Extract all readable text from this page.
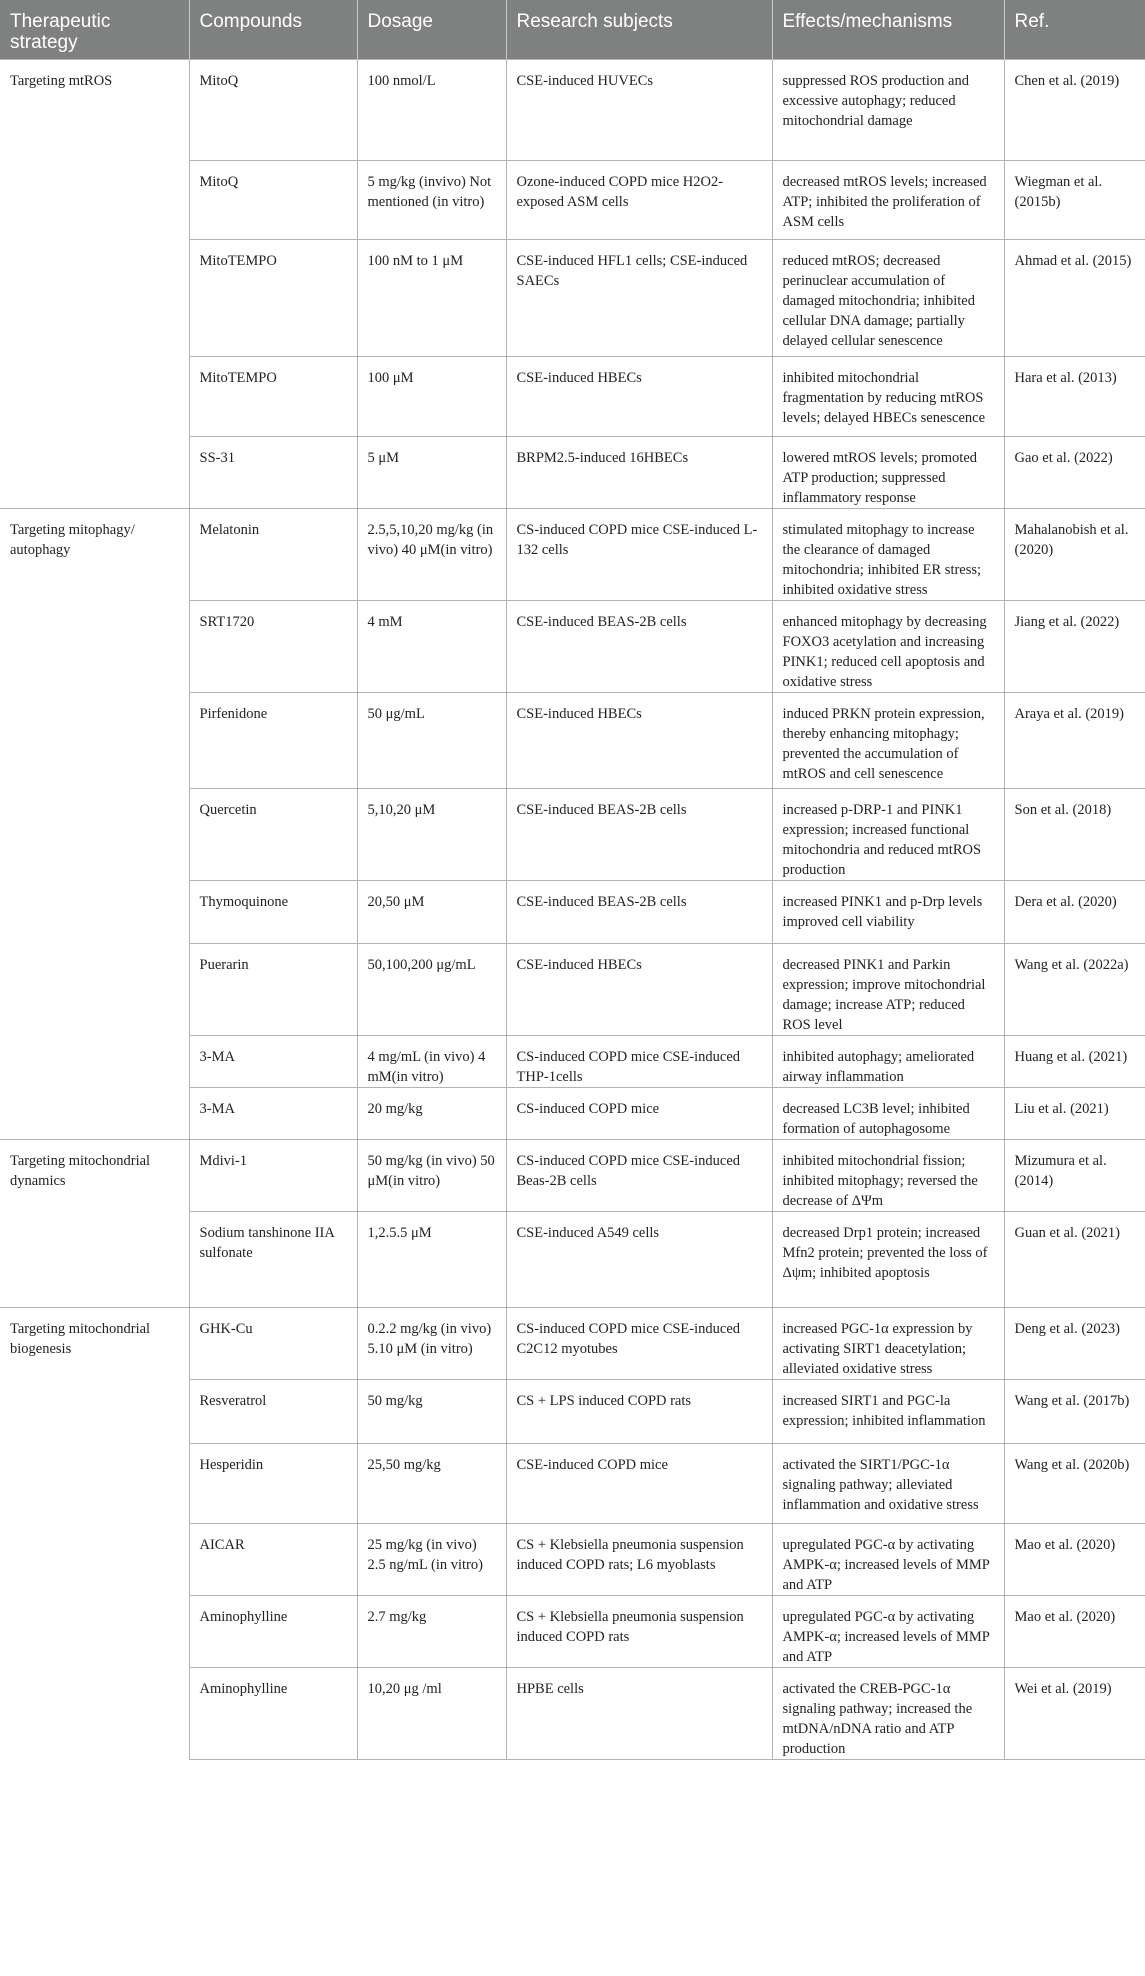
Therapeutic strategy	Compounds	Dosage	Research subjects	Effects/mechanisms	Ref.
Targeting mtROS	MitoQ	100 nmol/L	CSE-induced HUVECs	suppressed ROS production and excessive autophagy; reduced mitochondrial damage	Chen et al. (2019)
	MitoQ	5 mg/kg (invivo) Not mentioned (in vitro)	Ozone-induced COPD mice H2O2-exposed ASM cells	decreased mtROS levels; increased ATP; inhibited the proliferation of ASM cells	Wiegman et al. (2015b)
	MitoTEMPO	100 nM to 1 μM	CSE-induced HFL1 cells; CSE-induced SAECs	reduced mtROS; decreased perinuclear accumulation of damaged mitochondria; inhibited cellular DNA damage; partially delayed cellular senescence	Ahmad et al. (2015)
	MitoTEMPO	100 μM	CSE-induced HBECs	inhibited mitochondrial fragmentation by reducing mtROS levels; delayed HBECs senescence	Hara et al. (2013)
	SS-31	5 μM	BRPM2.5-induced 16HBECs	lowered mtROS levels; promoted ATP production; suppressed inflammatory response	Gao et al. (2022)
Targeting mitophagy/ autophagy	Melatonin	2.5,5,10,20 mg/kg (in vivo) 40 μM(in vitro)	CS-induced COPD mice CSE-induced L-132 cells	stimulated mitophagy to increase the clearance of damaged mitochondria; inhibited ER stress; inhibited oxidative stress	Mahalanobish et al. (2020)
	SRT1720	4 mM	CSE-induced BEAS-2B cells	enhanced mitophagy by decreasing FOXO3 acetylation and increasing PINK1; reduced cell apoptosis and oxidative stress	Jiang et al. (2022)
	Pirfenidone	50 μg/mL	CSE-induced HBECs	induced PRKN protein expression, thereby enhancing mitophagy; prevented the accumulation of mtROS and cell senescence	Araya et al. (2019)
	Quercetin	5,10,20 μM	CSE-induced BEAS-2B cells	increased p-DRP-1 and PINK1 expression; increased functional mitochondria and reduced mtROS production	Son et al. (2018)
	Thymoquinone	20,50 μM	CSE-induced BEAS-2B cells	increased PINK1 and p-Drp levels improved cell viability	Dera et al. (2020)
	Puerarin	50,100,200 μg/mL	CSE-induced HBECs	decreased PINK1 and Parkin expression; improve mitochondrial damage; increase ATP; reduced ROS level	Wang et al. (2022a)
	3-MA	4 mg/mL (in vivo) 4 mM(in vitro)	CS-induced COPD mice CSE-induced THP-1cells	inhibited autophagy; ameliorated airway inflammation	Huang et al. (2021)
	3-MA	20 mg/kg	CS-induced COPD mice	decreased LC3B level; inhibited formation of autophagosome	Liu et al. (2021)
Targeting mitochondrial dynamics	Mdivi-1	50 mg/kg (in vivo) 50 μM(in vitro)	CS-induced COPD mice CSE-induced Beas-2B cells	inhibited mitochondrial fission; inhibited mitophagy; reversed the decrease of ΔΨm	Mizumura et al. (2014)
	Sodium tanshinone IIA sulfonate	1,2.5.5 μM	CSE-induced A549 cells	decreased Drp1 protein; increased Mfn2 protein; prevented the loss of Δψm; inhibited apoptosis	Guan et al. (2021)
Targeting mitochondrial biogenesis	GHK-Cu	0.2.2 mg/kg (in vivo) 5.10 μM (in vitro)	CS-induced COPD mice CSE-induced C2C12 myotubes	increased PGC-1α expression by activating SIRT1 deacetylation; alleviated oxidative stress	Deng et al. (2023)
	Resveratrol	50 mg/kg	CS + LPS induced COPD rats	increased SIRT1 and PGC-la expression; inhibited inflammation	Wang et al. (2017b)
	Hesperidin	25,50 mg/kg	CSE-induced COPD mice	activated the SIRT1/PGC-1α signaling pathway; alleviated inflammation and oxidative stress	Wang et al. (2020b)
	AICAR	25 mg/kg (in vivo) 2.5 ng/mL (in vitro)	CS + Klebsiella pneumonia suspension induced COPD rats; L6 myoblasts	upregulated PGC-α by activating AMPK-α; increased levels of MMP and ATP	Mao et al. (2020)
	Aminophylline	2.7 mg/kg	CS + Klebsiella pneumonia suspension induced COPD rats	upregulated PGC-α by activating AMPK-α; increased levels of MMP and ATP	Mao et al. (2020)
	Aminophylline	10,20 μg /ml	HPBE cells	activated the CREB-PGC-1α signaling pathway; increased the mtDNA/nDNA ratio and ATP production	Wei et al. (2019)
